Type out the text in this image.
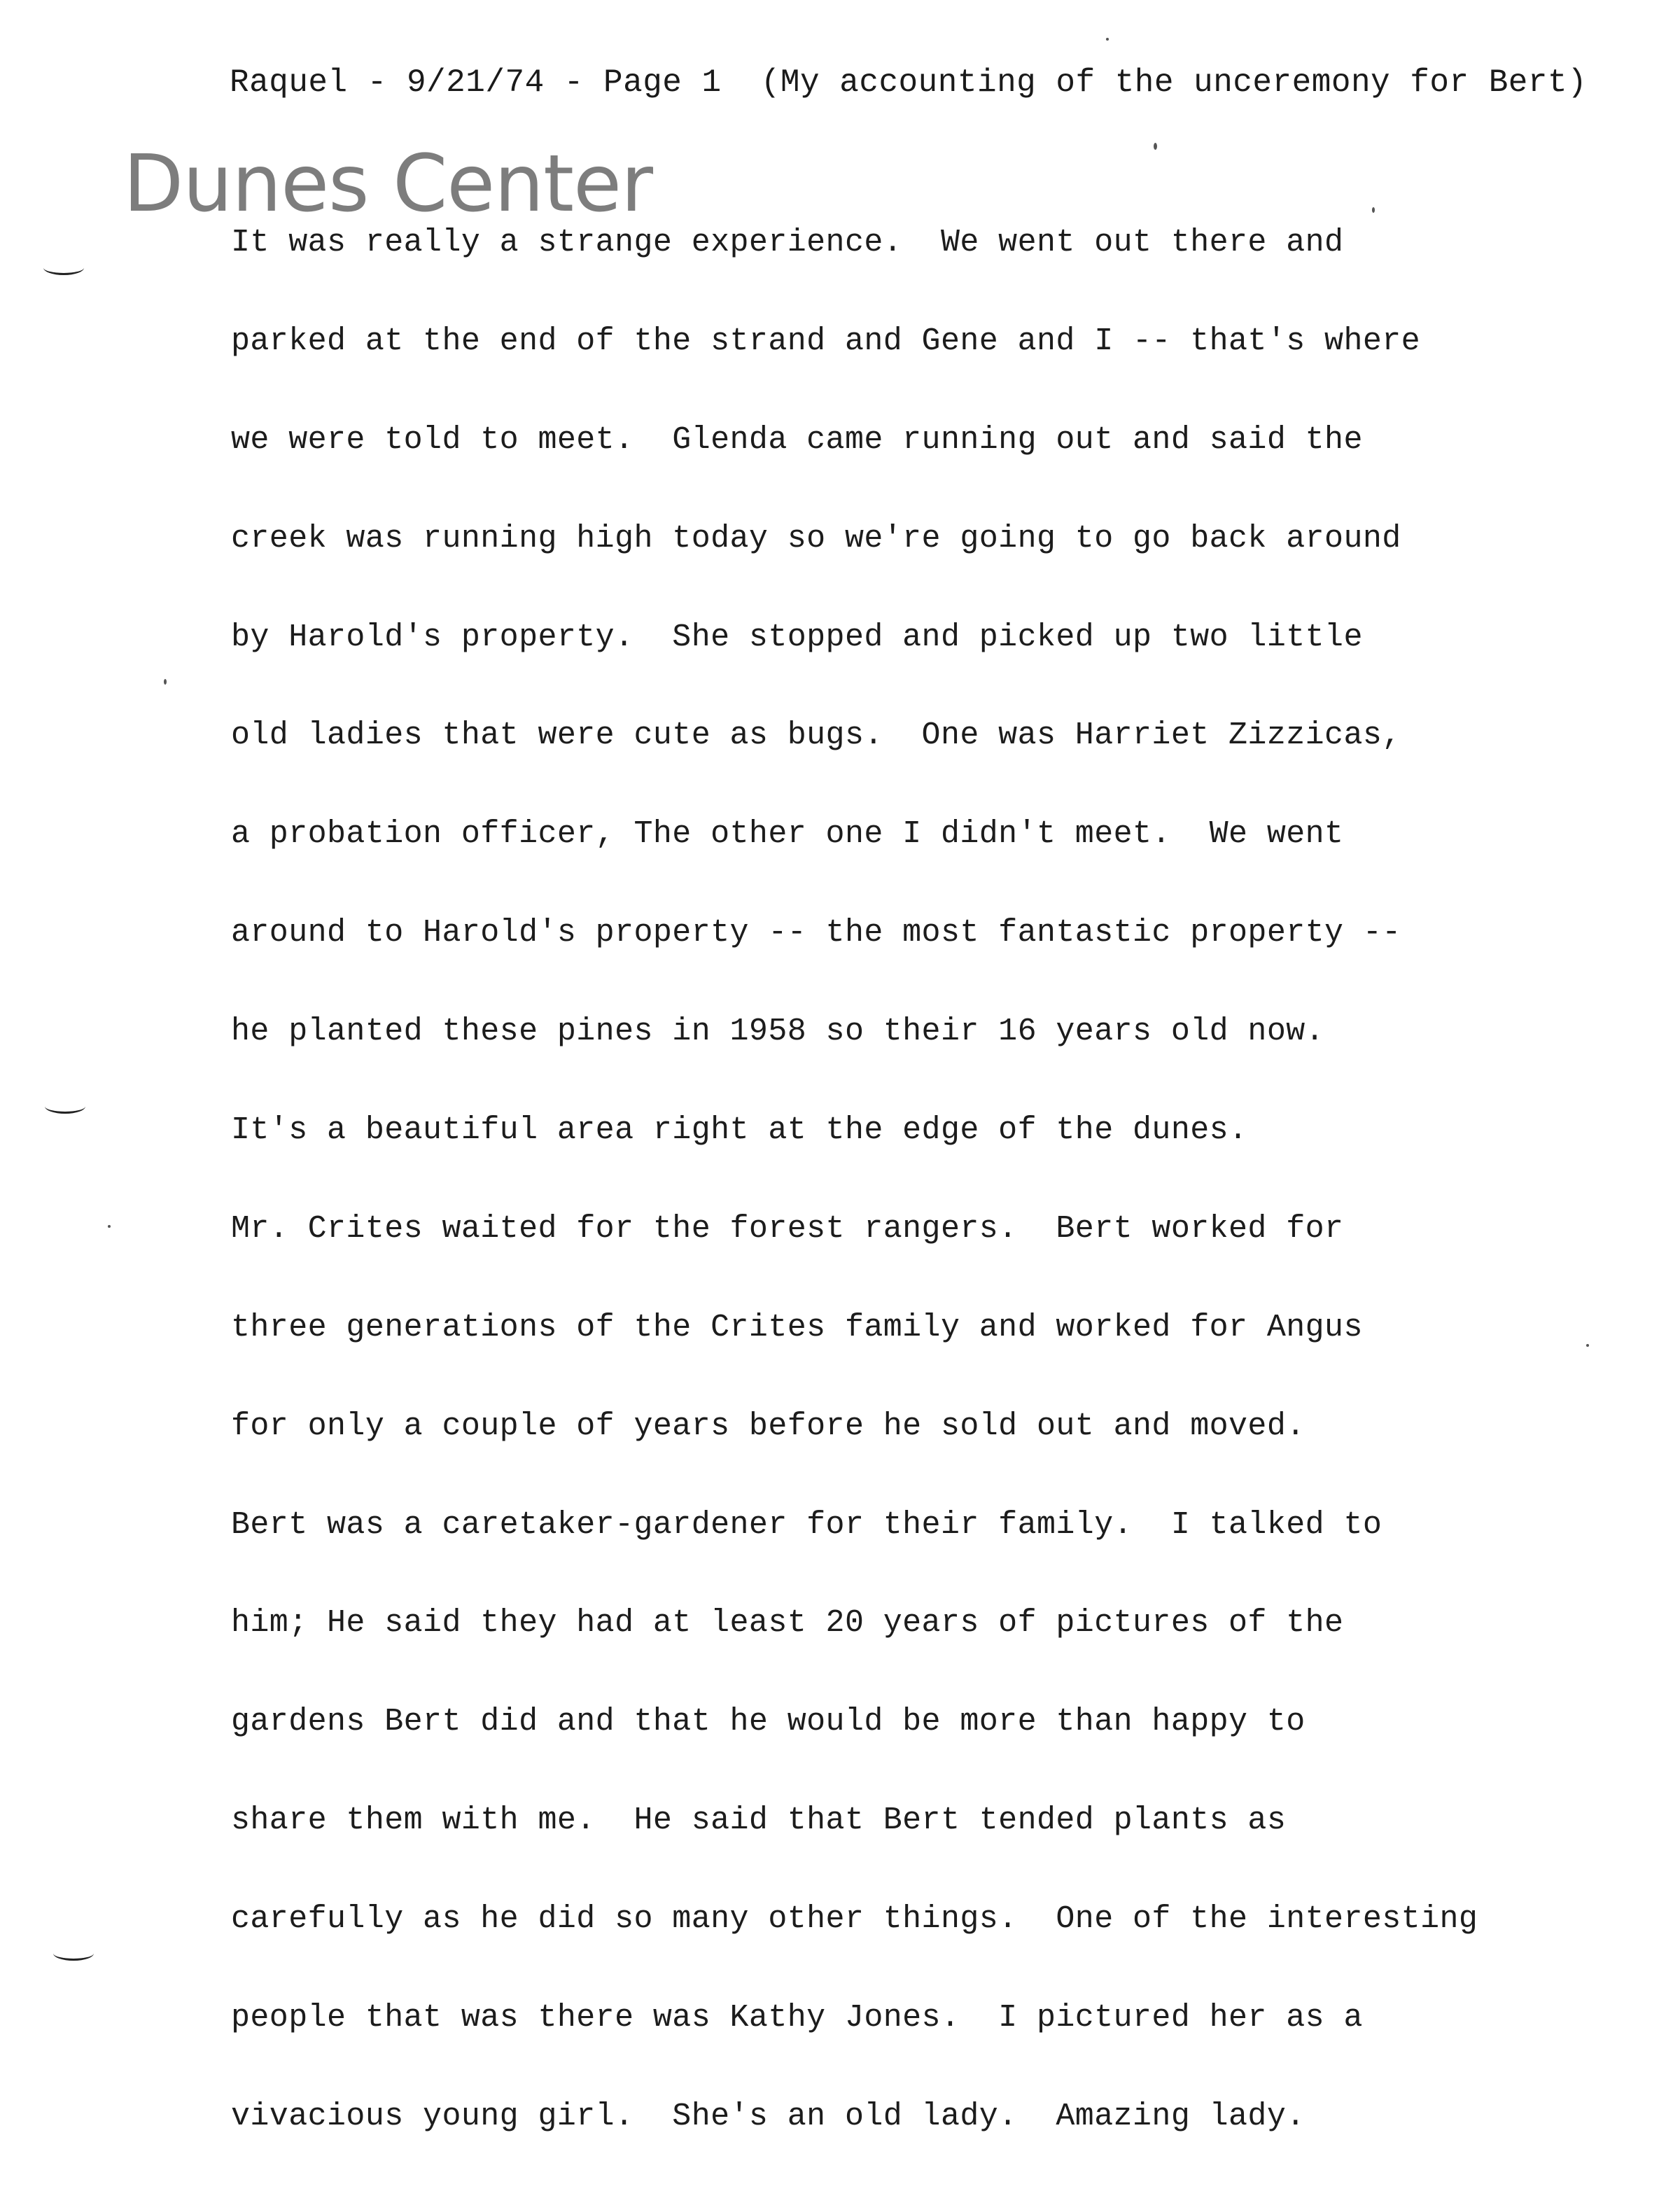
Raquel - 9/21/74 - Page 1  (My accounting of the unceremony for Bert)
Dunes Center
It was really a strange experience.  We went out there and
parked at the end of the strand and Gene and I -- that's where
we were told to meet.  Glenda came running out and said the
creek was running high today so we're going to go back around
by Harold's property.  She stopped and picked up two little
old ladies that were cute as bugs.  One was Harriet Zizzicas,
a probation officer, The other one I didn't meet.  We went
around to Harold's property -- the most fantastic property --
he planted these pines in 1958 so their 16 years old now.
It's a beautiful area right at the edge of the dunes.
Mr. Crites waited for the forest rangers.  Bert worked for
three generations of the Crites family and worked for Angus
for only a couple of years before he sold out and moved.
Bert was a caretaker-gardener for their family.  I talked to
him; He said they had at least 20 years of pictures of the
gardens Bert did and that he would be more than happy to
share them with me.  He said that Bert tended plants as
carefully as he did so many other things.  One of the interesting
people that was there was Kathy Jones.  I pictured her as a
vivacious young girl.  She's an old lady.  Amazing lady.
